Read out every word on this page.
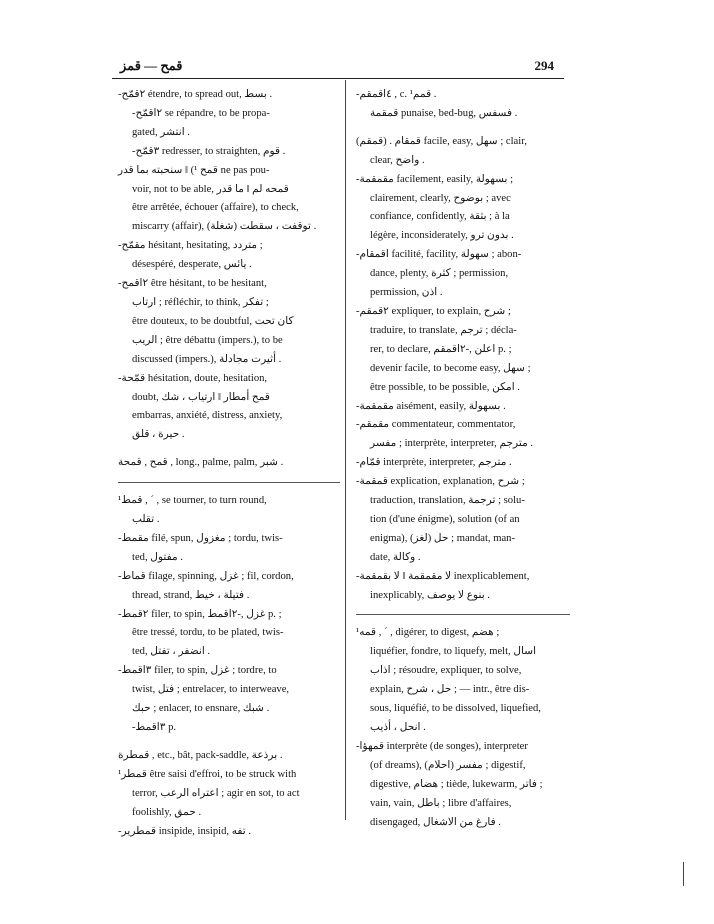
قمح — قمز	294
-٢قمّح étendre, to spread out, بسط .
-٢اقمّح se répandre, to be propa-
gated, انتشر .
-٣قمّح redresser, to straighten, قوم .
قمح ¹) ‖ سنحبته بما قدر ne pas pou-
voir, not to be able, قمحه لم ‖ ما قدر
être arrêtée, échouer (affaire), to check,
miscarry (affair), توقفت ، سقطت (شغلة) .
-مقمّح hésitant, hesitating, متردد ;
désespéré, desperate, يائس .
-٢اقمح être hésitant, to be hesitant,
ارتاب ; réfléchir, to think, تفكر ;
être douteux, to be doubtful, كان تحت
الريب ; être débattu (impers.), to be
discussed (impers.), أثيرت مجادلة .
-قمّحة hésitation, doute, hesitation,
doubt, قمح أمطار ‖ ارتياب ، شك
embarras, anxiété, distress, anxiety,
حيرة ، قلق .
قمح , قمحة , long., palme, palm, شبر .
¹قمط , ˊ , se tourner, to turn round,
تقلب .
-مقمط filé, spun, مغزول ; tordu, twis-
ted, مفتول .
-قماط filage, spinning, غزل ; fil, cordon,
thread, strand, فتيلة ، خيط .
-٢قمط filer, to spin, غزل ,-٢اقمط p. ;
être tressé, tordu, to be plated, twis-
ted, انضفر ، تفتل .
-٣اقمط filer, to spin, غزل ; tordre, to
twist, فتل ; entrelacer, to interweave,
حبك ; enlacer, to ensnare, شبك .
-٣اقمط p.
قمطرة , etc., bât, pack-saddle, برذعة .
¹قمطر être saisi d'effroi, to be struck with
terror, اعتراه الرعب ; agir en sot, to act
foolishly, حمق .
-قمطرير insipide, insipid, تفه .
-٤اقمقم , c. ¹قمم .
قمقمة punaise, bed-bug, فسفس .
(قمقم) . قمقام facile, easy, سهل ; clair,
clear, واضح .
-مقمقمة facilement, easily, بسهولة ;
clairement, clearly, بوضوح ; avec
confiance, confidently, بثقة ; à la
légère, inconsiderately, بدون ترو .
-اقمقام facilité, facility, سهولة ; abon-
dance, plenty, كثرة ; permission,
permission, اذن .
-٢قمقم expliquer, to explain, شرح ;
traduire, to translate, ترجم ; décla-
rer, to declare, اعلن ,-٢اقمقم p. ;
devenir facile, to become easy, سهل ;
être possible, to be possible, امكن .
-مقمقمة aisément, easily, بسهولة .
-مقمقم commentateur, commentator,
مفسر ; interprète, interpreter, مترجم .
-قمّام interprète, interpreter, مترجم .
-قمقمة explication, explanation, شرح ;
traduction, translation, ترجمة ; solu-
tion (d'une énigme), solution (of an
enigma), حل (لغز) ; mandat, man-
date, وكالة .
-لا مقمقمة ‖ لا بقمقمة inexplicablement,
inexplicably, بنوع لا يوصف .
¹قمه , ˊ , digérer, to digest, هضم ;
liquéfier, fondre, to liquefy, melt, اسال
اذاب ; résoudre, expliquer, to solve,
explain, حل ، شرح ; — intr., être dis-
sous, liquéfié, to be dissolved, liquefied,
انحل ، أذيب .
-قمهؤا interprète (de songes), interpreter
(of dreams), مفسر (احلام) ; digestif,
digestive, هضام ; tiède, lukewarm, فاتر ;
vain, vain, باطل ; libre d'affaires,
disengaged, فارغ من الاشغال .
